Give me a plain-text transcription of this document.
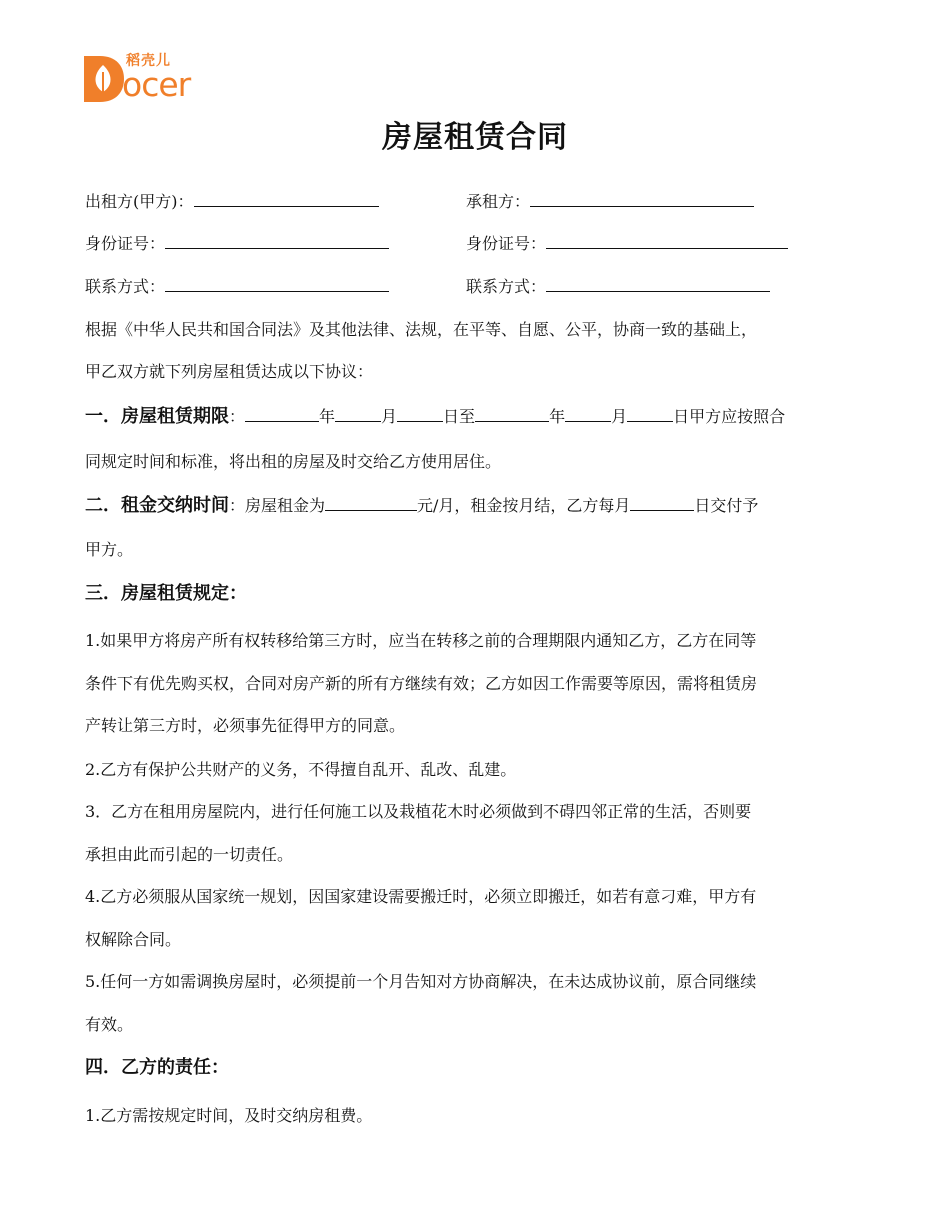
稻壳儿
ocer
房屋租赁合同
出租方(甲方)：	承租方：
身份证号：	身份证号：
联系方式：	联系方式：
根据《中华人民共和国合同法》及其他法律、法规，在平等、自愿、公平，协商一致的基础上，
甲乙双方就下列房屋租赁达成以下协议：
一．房屋租赁期限：	年	月	日至	年	月	日甲方应按照合
同规定时间和标准，将出租的房屋及时交给乙方使用居住。
二．租金交纳时间：房屋租金为	元/月，租金按月结，乙方每月	日交付予
甲方。
三．房屋租赁规定：
1.如果甲方将房产所有权转移给第三方时，应当在转移之前的合理期限内通知乙方，乙方在同等
条件下有优先购买权，合同对房产新的所有方继续有效；乙方如因工作需要等原因，需将租赁房
产转让第三方时，必须事先征得甲方的同意。
2.乙方有保护公共财产的义务，不得擅自乱开、乱改、乱建。
3．乙方在租用房屋院内，进行任何施工以及栽植花木时必须做到不碍四邻正常的生活，否则要
承担由此而引起的一切责任。
4.乙方必须服从国家统一规划，因国家建设需要搬迁时，必须立即搬迁，如若有意刁难，甲方有
权解除合同。
5.任何一方如需调换房屋时，必须提前一个月告知对方协商解决，在未达成协议前，原合同继续
有效。
四．乙方的责任：
1.乙方需按规定时间，及时交纳房租费。
